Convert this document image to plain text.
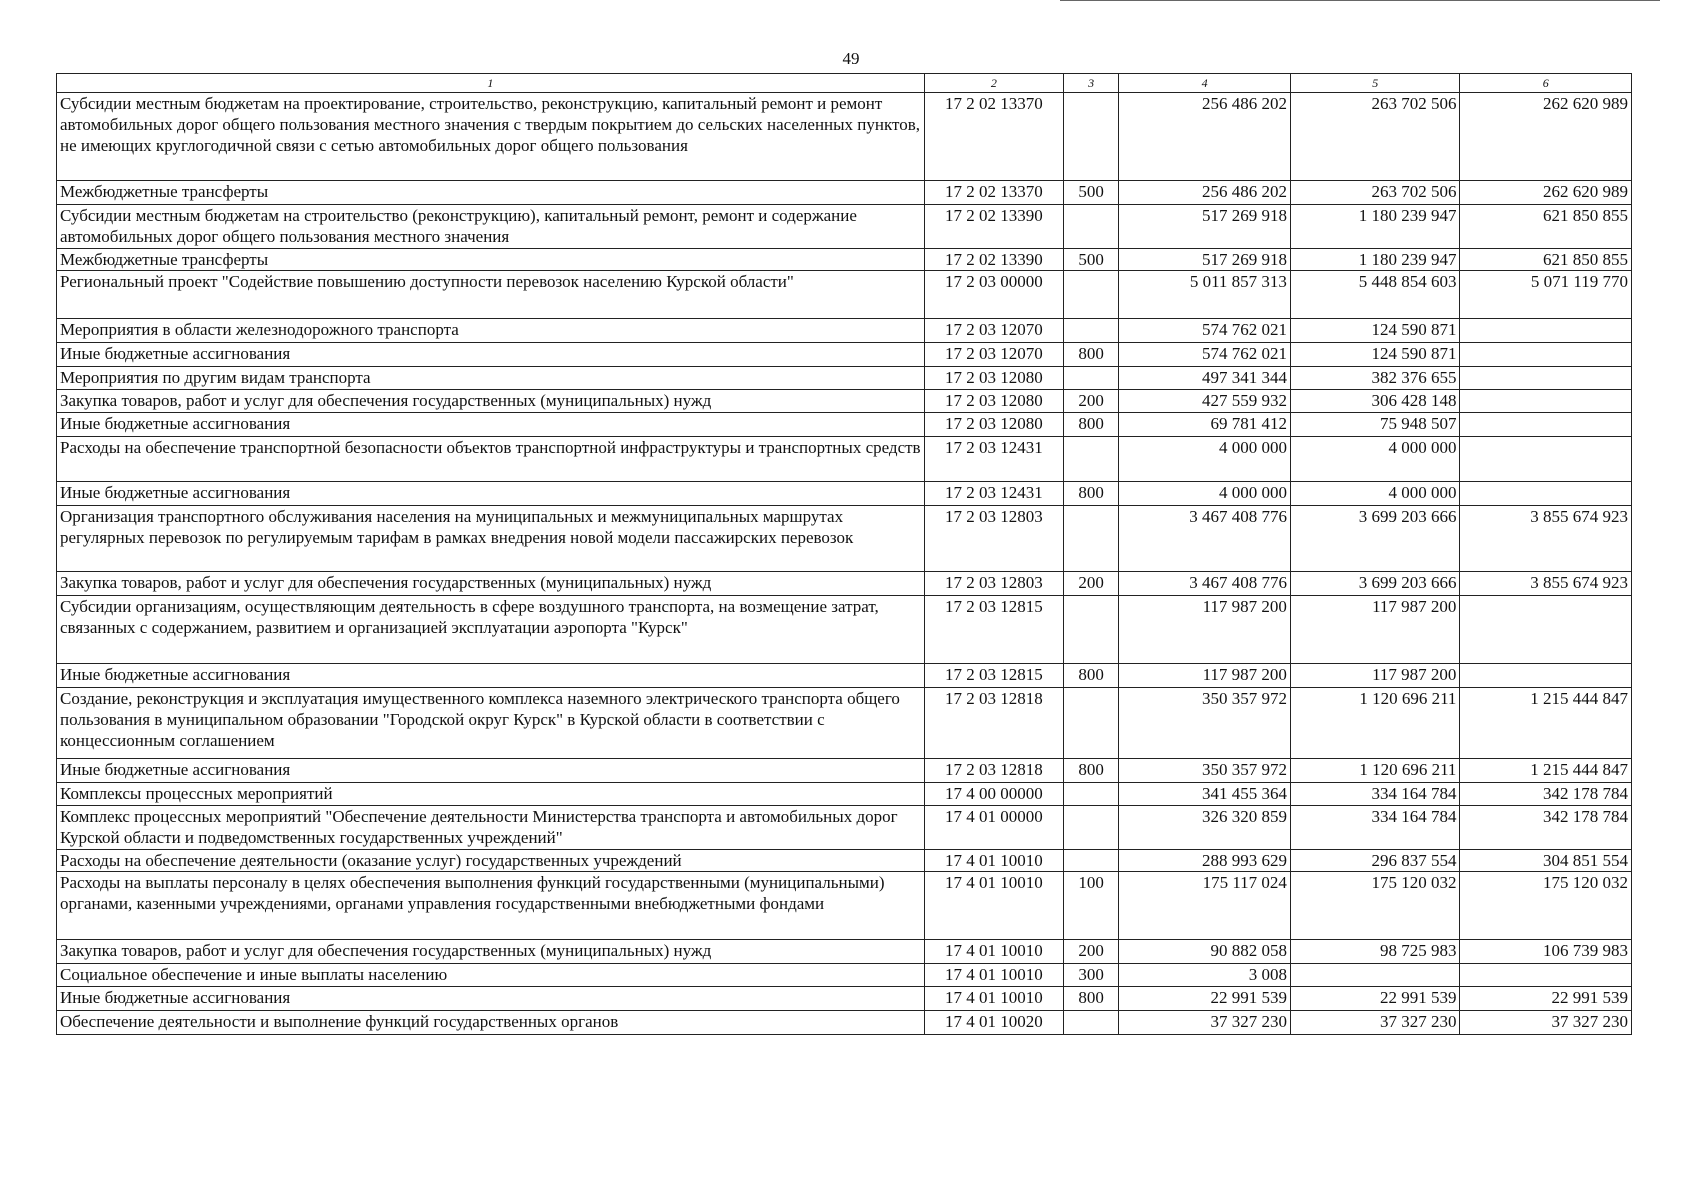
49
1	2	3	4	5	6
Субсидии местным бюджетам на проектирование, строительство, реконструкцию, капитальный ремонт и ремонт автомобильных дорог общего пользования местного значения с твердым покрытием до сельских населенных пунктов, не имеющих круглогодичной связи с сетью автомобильных дорог общего пользования	17 2 02 13370		256 486 202	263 702 506	262 620 989
Межбюджетные трансферты	17 2 02 13370	500	256 486 202	263 702 506	262 620 989
Субсидии местным бюджетам на строительство (реконструкцию), капитальный ремонт, ремонт и содержание автомобильных дорог общего пользования местного значения	17 2 02 13390		517 269 918	1 180 239 947	621 850 855
Межбюджетные трансферты	17 2 02 13390	500	517 269 918	1 180 239 947	621 850 855
Региональный проект "Содействие повышению доступности перевозок населению Курской области"	17 2 03 00000		5 011 857 313	5 448 854 603	5 071 119 770
Мероприятия в области железнодорожного транспорта	17 2 03 12070		574 762 021	124 590 871	
Иные бюджетные ассигнования	17 2 03 12070	800	574 762 021	124 590 871	
Мероприятия по другим видам транспорта	17 2 03 12080		497 341 344	382 376 655	
Закупка товаров, работ и услуг для обеспечения государственных (муниципальных) нужд	17 2 03 12080	200	427 559 932	306 428 148	
Иные бюджетные ассигнования	17 2 03 12080	800	69 781 412	75 948 507	
Расходы на обеспечение транспортной безопасности объектов транспортной инфраструктуры и транспортных средств	17 2 03 12431		4 000 000	4 000 000	
Иные бюджетные ассигнования	17 2 03 12431	800	4 000 000	4 000 000	
Организация транспортного обслуживания населения на муниципальных и межмуниципальных маршрутах регулярных перевозок по регулируемым тарифам в рамках внедрения новой модели пассажирских перевозок	17 2 03 12803		3 467 408 776	3 699 203 666	3 855 674 923
Закупка товаров, работ и услуг для обеспечения государственных (муниципальных) нужд	17 2 03 12803	200	3 467 408 776	3 699 203 666	3 855 674 923
Субсидии организациям, осуществляющим деятельность в сфере воздушного транспорта, на возмещение затрат, связанных с содержанием, развитием и организацией эксплуатации аэропорта "Курск"	17 2 03 12815		117 987 200	117 987 200	
Иные бюджетные ассигнования	17 2 03 12815	800	117 987 200	117 987 200	
Создание, реконструкция и эксплуатация имущественного комплекса наземного электрического транспорта общего пользования в муниципальном образовании "Городской округ Курск" в Курской области в соответствии с концессионным соглашением	17 2 03 12818		350 357 972	1 120 696 211	1 215 444 847
Иные бюджетные ассигнования	17 2 03 12818	800	350 357 972	1 120 696 211	1 215 444 847
Комплексы процессных мероприятий	17 4 00 00000		341 455 364	334 164 784	342 178 784
Комплекс процессных мероприятий "Обеспечение деятельности Министерства транспорта и автомобильных дорог Курской области и подведомственных государственных учреждений"	17 4 01 00000		326 320 859	334 164 784	342 178 784
Расходы на обеспечение деятельности (оказание услуг) государственных учреждений	17 4 01 10010		288 993 629	296 837 554	304 851 554
Расходы на выплаты персоналу в целях обеспечения выполнения функций государственными (муниципальными) органами, казенными учреждениями, органами управления государственными внебюджетными фондами	17 4 01 10010	100	175 117 024	175 120 032	175 120 032
Закупка товаров, работ и услуг для обеспечения государственных (муниципальных) нужд	17 4 01 10010	200	90 882 058	98 725 983	106 739 983
Социальное обеспечение и иные выплаты населению	17 4 01 10010	300	3 008		
Иные бюджетные ассигнования	17 4 01 10010	800	22 991 539	22 991 539	22 991 539
Обеспечение деятельности и выполнение функций государственных органов	17 4 01 10020		37 327 230	37 327 230	37 327 230
